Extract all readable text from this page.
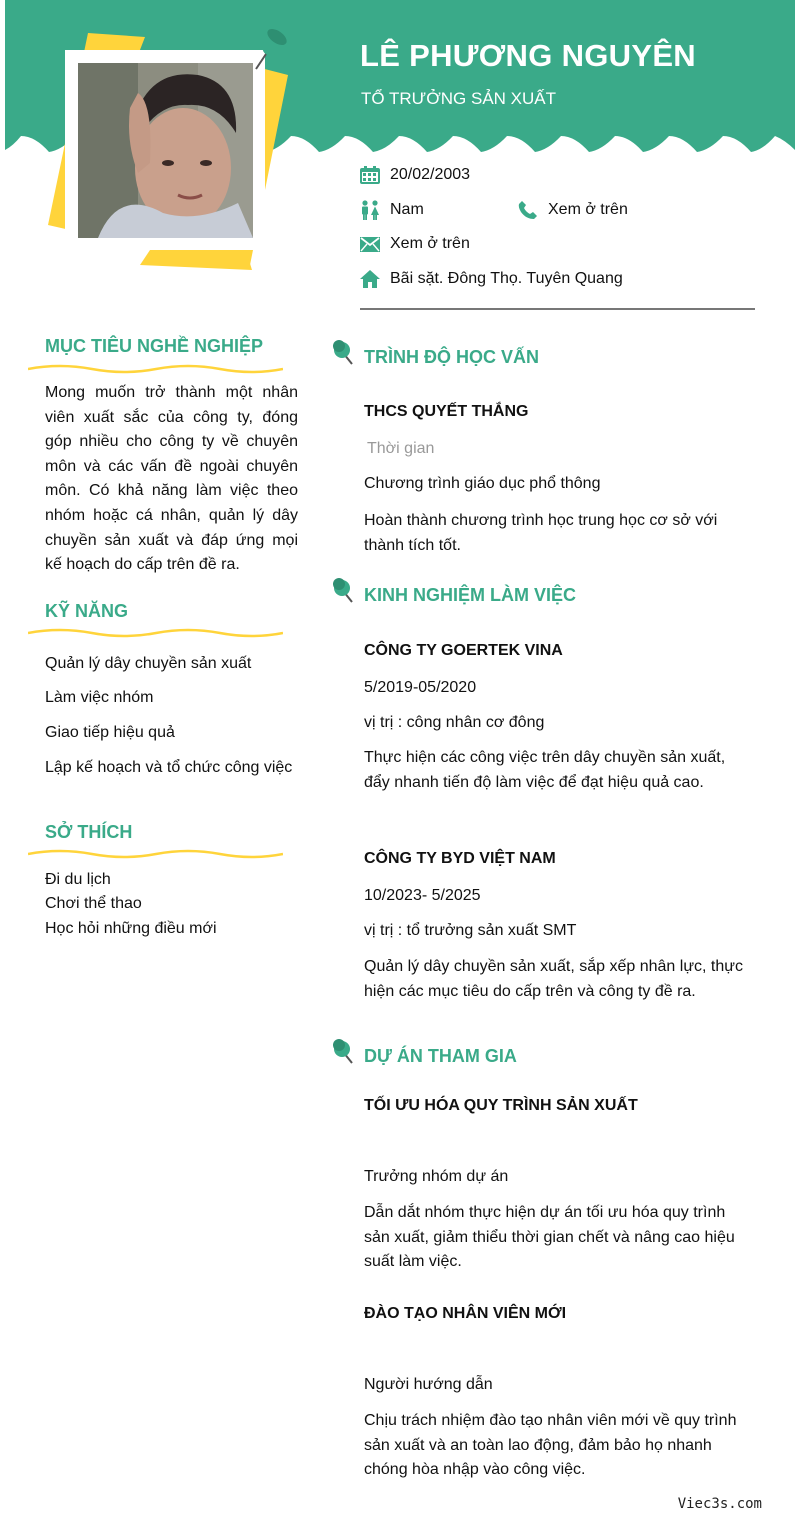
LÊ PHƯƠNG NGUYÊN
TỔ TRƯỞNG SẢN XUẤT
20/02/2003
Nam	Xem ở trên
Xem ở trên
Bãi sặt. Đông Thọ. Tuyên Quang
MỤC TIÊU NGHỀ NGHIỆP
Mong muốn trở thành một nhân viên xuất sắc của công ty, đóng góp nhiều cho công ty về chuyên môn và các vấn đề ngoài chuyên môn. Có khả năng làm việc theo nhóm hoặc cá nhân, quản lý dây chuyền sản xuất và đáp ứng mọi kế hoạch do cấp trên đề ra.
KỸ NĂNG
Quản lý dây chuyền sản xuất
Làm việc nhóm
Giao tiếp hiệu quả
Lập kế hoạch và tổ chức công việc
SỞ THÍCH
Đi du lịch
Chơi thể thao
Học hỏi những điều mới
TRÌNH ĐỘ HỌC VẤN
THCS QUYẾT THẮNG
Thời gian
Chương trình giáo dục phổ thông
Hoàn thành chương trình học trung học cơ sở với thành tích tốt.
KINH NGHIỆM LÀM VIỆC
CÔNG TY GOERTEK VINA
5/2019-05/2020
vị trị : công nhân cơ đông
Thực hiện các công việc trên dây chuyền sản xuất, đẩy nhanh tiến độ làm việc để đạt hiệu quả cao.
CÔNG TY BYD VIỆT NAM
10/2023- 5/2025
vị trị : tổ trưởng sản xuất SMT
Quản lý dây chuyền sản xuất, sắp xếp nhân lực, thực hiện các mục tiêu do cấp trên và công ty đề ra.
DỰ ÁN THAM GIA
TỐI ƯU HÓA QUY TRÌNH SẢN XUẤT
Trưởng nhóm dự án
Dẫn dắt nhóm thực hiện dự án tối ưu hóa quy trình sản xuất, giảm thiểu thời gian chết và nâng cao hiệu suất làm việc.
ĐÀO TẠO NHÂN VIÊN MỚI
Người hướng dẫn
Chịu trách nhiệm đào tạo nhân viên mới về quy trình sản xuất và an toàn lao động, đảm bảo họ nhanh chóng hòa nhập vào công việc.
Viec3s.com
